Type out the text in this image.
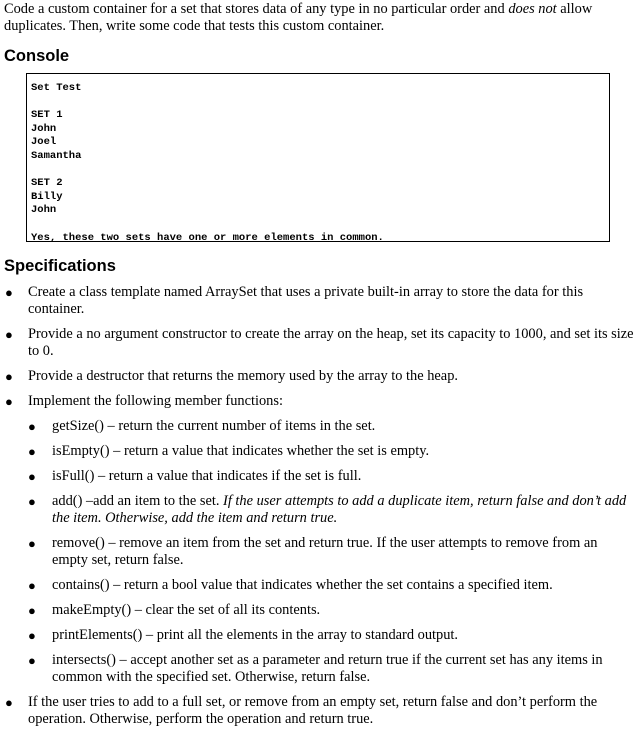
Code a custom container for a set that stores data of any type in no particular order and does not allow duplicates. Then, write some code that tests this custom container.

Console
Set Test
SET 1
John
Joel
Samantha
SET 2
Billy
John
Yes, these two sets have one or more elements in common.
Specifications
● Create a class template named ArraySet that uses a private built-in array to store the data for this container.
● Provide a no argument constructor to create the array on the heap, set its capacity to 1000, and set its size to 0.
● Provide a destructor that returns the memory used by the array to the heap.
● Implement the following member functions:
● getSize() – return the current number of items in the set.
● isEmpty() – return a value that indicates whether the set is empty.
● isFull() – return a value that indicates if the set is full.
● add() –add an item to the set. If the user attempts to add a duplicate item, return false and don’t add the item. Otherwise, add the item and return true.
● remove() – remove an item from the set and return true. If the user attempts to remove from an empty set, return false.
● contains() – return a bool value that indicates whether the set contains a specified item.
● makeEmpty() – clear the set of all its contents.
● printElements() – print all the elements in the array to standard output.
● intersects() – accept another set as a parameter and return true if the current set has any items in common with the specified set. Otherwise, return false.
● If the user tries to add to a full set, or remove from an empty set, return false and don’t perform the operation. Otherwise, perform the operation and return true.
